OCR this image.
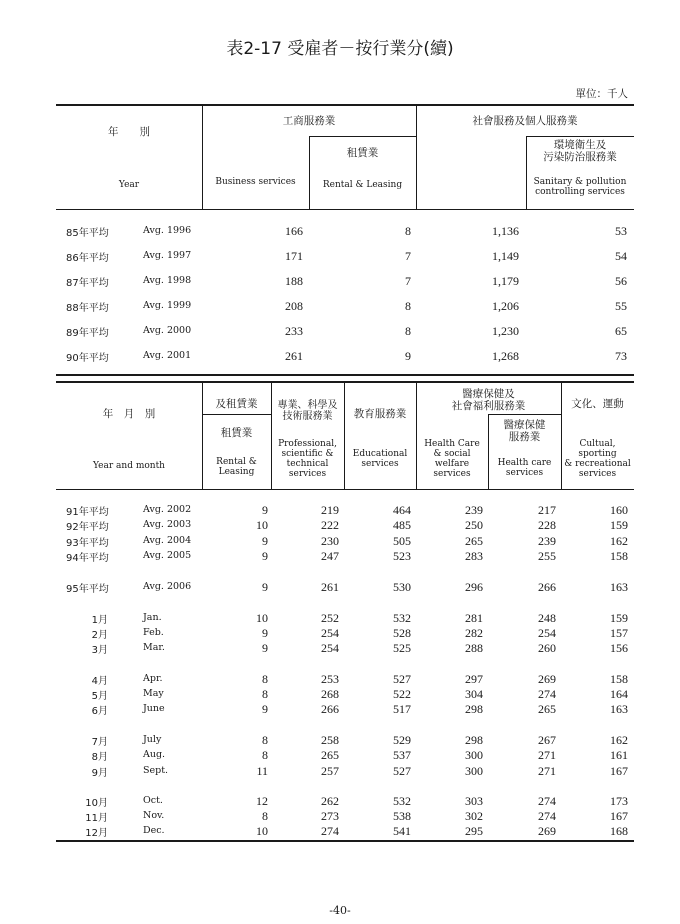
表2-17 受雇者－按行業分(續)
單位：千人
年　　別
Year
工商服務業
Business services
租賃業
Rental & Leasing
社會服務及個人服務業
環境衛生及
污染防治服務業
Sanitary & pollution
controlling services
85年平均	Avg. 1996	166	8	1,136	53
86年平均	Avg. 1997	171	7	1,149	54
87年平均	Avg. 1998	188	7	1,179	56
88年平均	Avg. 1999	208	8	1,206	55
89年平均	Avg. 2000	233	8	1,230	65
90年平均	Avg. 2001	261	9	1,268	73
年　月　別
Year and month
及租賃業
租賃業
Rental &
Leasing
專業、科學及
技術服務業
Professional,
scientific &
technical
services
教育服務業
Educational
services
醫療保健及
社會福利服務業
Health Care
& social
welfare
services
醫療保健
服務業
Health care
services
文化、運動
Cultual,
sporting
& recreational
services
91年平均	Avg. 2002	9	219	464	239	217	160
92年平均	Avg. 2003	10	222	485	250	228	159
93年平均	Avg. 2004	9	230	505	265	239	162
94年平均	Avg. 2005	9	247	523	283	255	158
95年平均	Avg. 2006	9	261	530	296	266	163
1月	Jan.	10	252	532	281	248	159
2月	Feb.	9	254	528	282	254	157
3月	Mar.	9	254	525	288	260	156
4月	Apr.	8	253	527	297	269	158
5月	May	8	268	522	304	274	164
6月	June	9	266	517	298	265	163
7月	July	8	258	529	298	267	162
8月	Aug.	8	265	537	300	271	161
9月	Sept.	11	257	527	300	271	167
10月	Oct.	12	262	532	303	274	173
11月	Nov.	8	273	538	302	274	167
12月	Dec.	10	274	541	295	269	168
-40-
